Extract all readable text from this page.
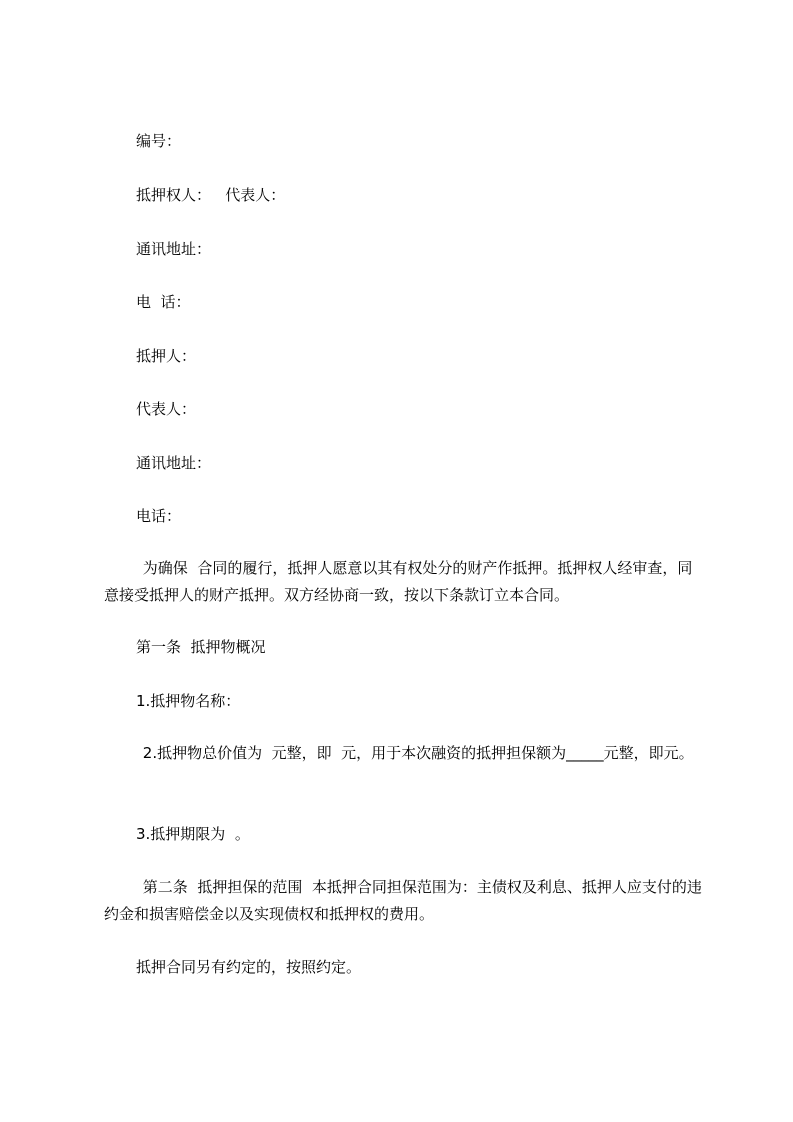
编号：

抵押权人：   代表人：

通讯地址：

电  话：

抵押人：

代表人：

通讯地址：

电话：

为确保  合同的履行，抵押人愿意以其有权处分的财产作抵押。抵押权人经审查，同意接受抵押人的财产抵押。双方经协商一致，按以下条款订立本合同。

第一条  抵押物概况

1.抵押物名称：

2.抵押物总价值为  元整，即  元，用于本次融资的抵押担保额为_____元整，即元。

3.抵押期限为  。

第二条  抵押担保的范围  本抵押合同担保范围为：主债权及利息、抵押人应支付的违约金和损害赔偿金以及实现债权和抵押权的费用。

抵押合同另有约定的，按照约定。
